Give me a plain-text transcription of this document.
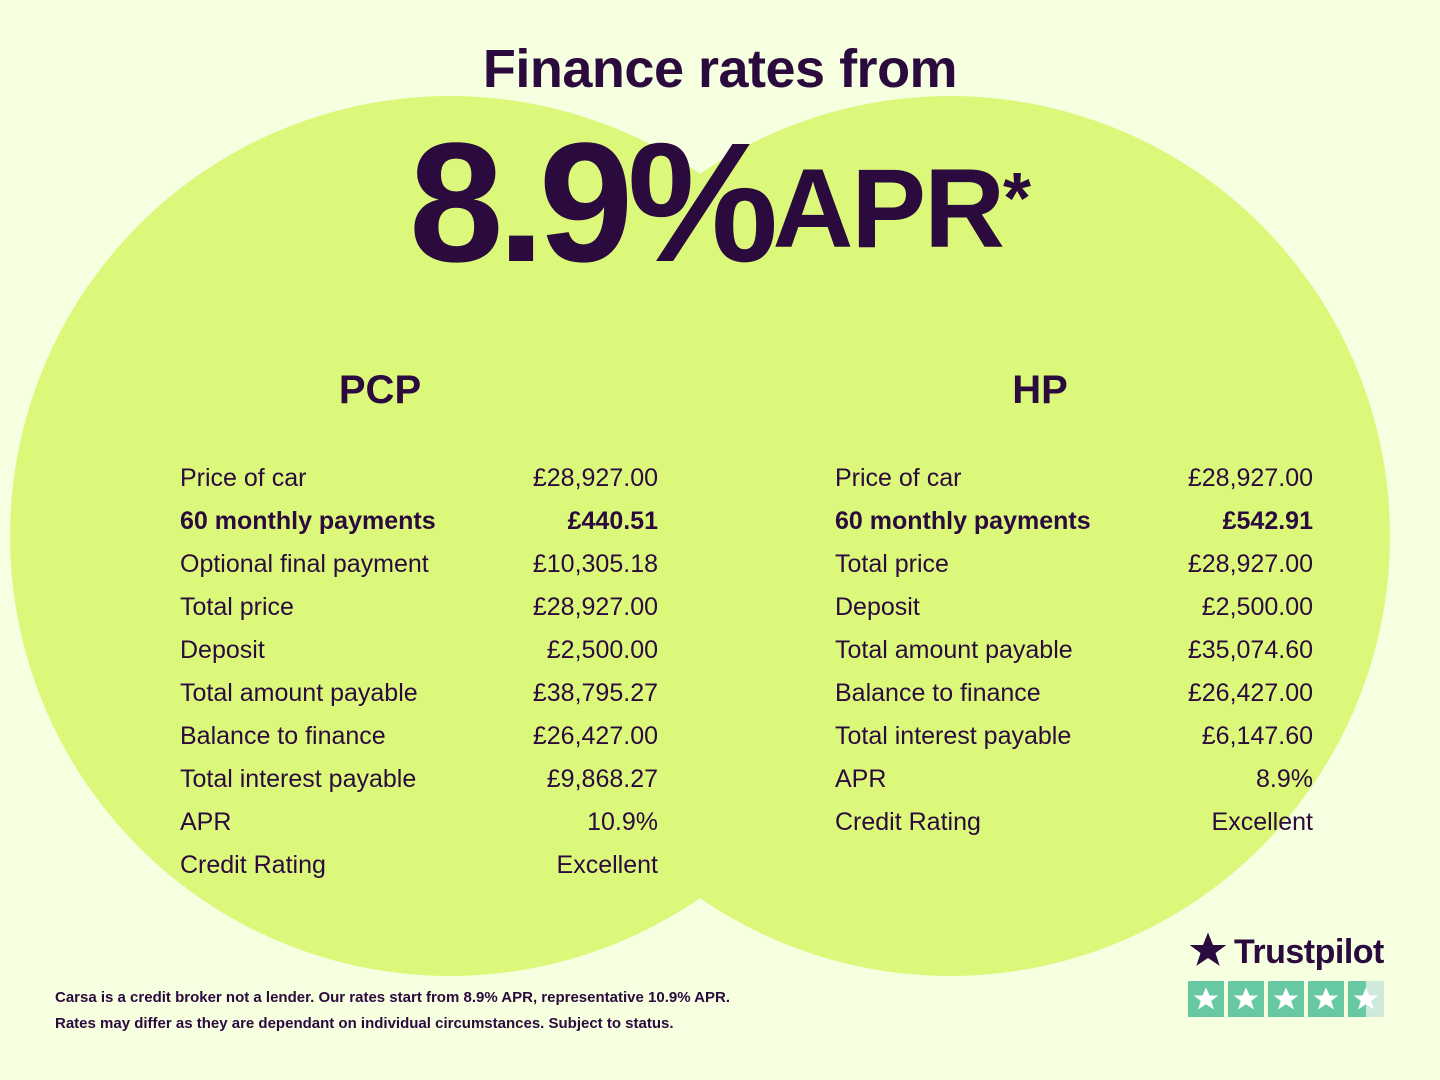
Finance rates from
8.9%APR*
PCP
Price of car	£28,927.00
60 monthly payments	£440.51
Optional final payment	£10,305.18
Total price	£28,927.00
Deposit	£2,500.00
Total amount payable	£38,795.27
Balance to finance	£26,427.00
Total interest payable	£9,868.27
APR	10.9%
Credit Rating	Excellent
HP
Price of car	£28,927.00
60 monthly payments	£542.91
Total price	£28,927.00
Deposit	£2,500.00
Total amount payable	£35,074.60
Balance to finance	£26,427.00
Total interest payable	£6,147.60
APR	8.9%
Credit Rating	Excellent
Carsa is a credit broker not a lender. Our rates start from 8.9% APR, representative 10.9% APR.
Rates may differ as they are dependant on individual circumstances. Subject to status.
Trustpilot
